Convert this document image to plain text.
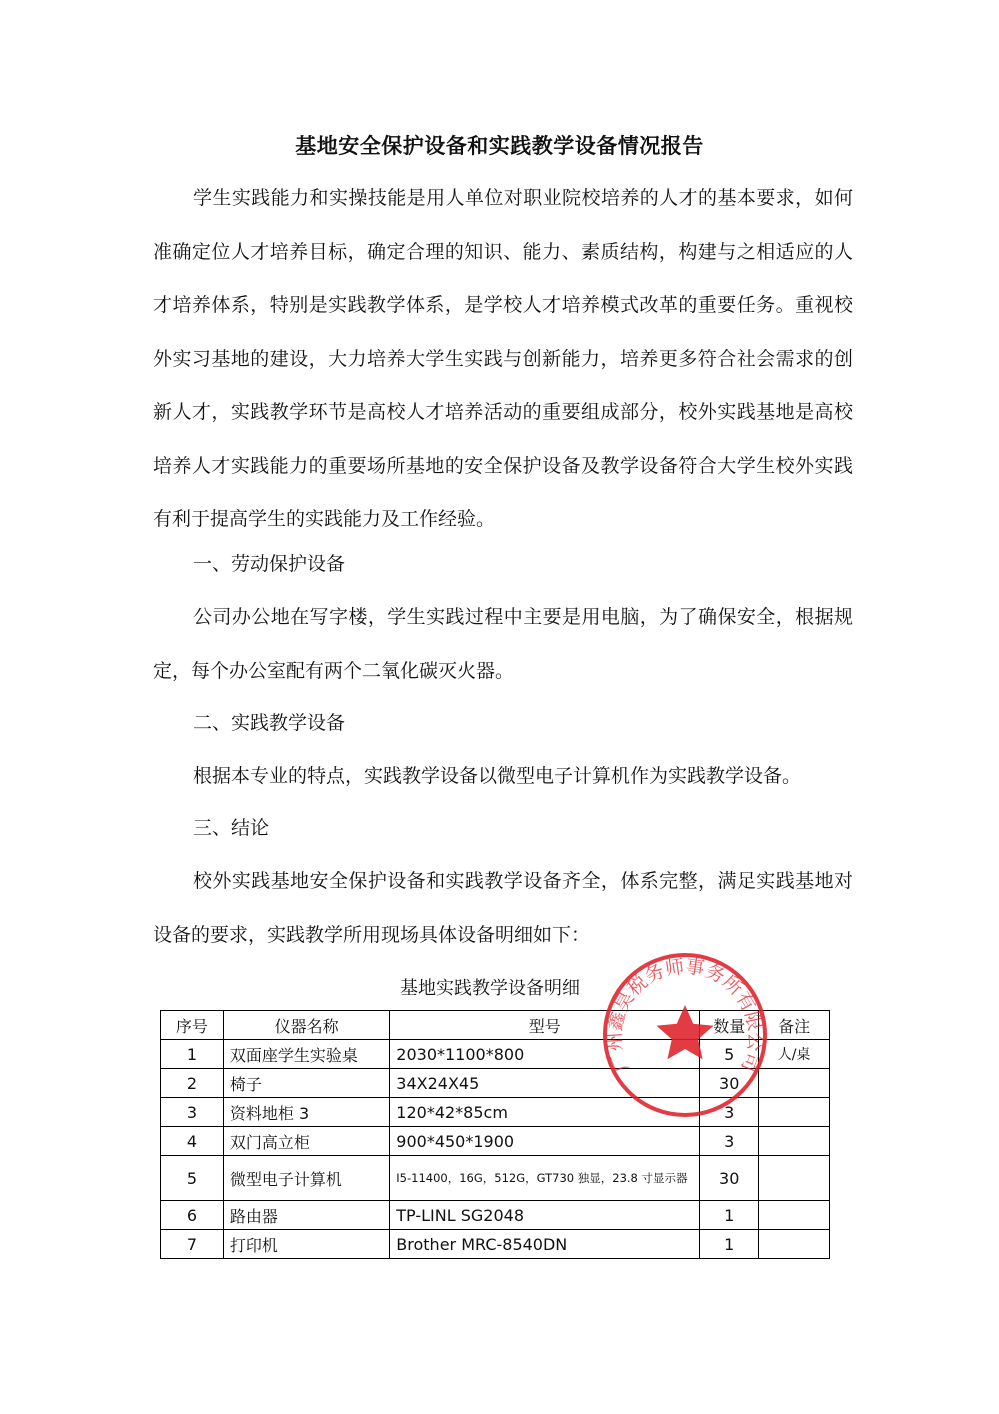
基地安全保护设备和实践教学设备情况报告

学生实践能力和实操技能是用人单位对职业院校培养的人才的基本要求，如何准确定位人才培养目标，确定合理的知识、能力、素质结构，构建与之相适应的人才培养体系，特别是实践教学体系，是学校人才培养模式改革的重要任务。重视校外实习基地的建设，大力培养大学生实践与创新能力，培养更多符合社会需求的创新人才，实践教学环节是高校人才培养活动的重要组成部分，校外实践基地是高校培养人才实践能力的重要场所基地的安全保护设备及教学设备符合大学生校外实践有利于提高学生的实践能力及工作经验。

一、劳动保护设备

公司办公地在写字楼，学生实践过程中主要是用电脑，为了确保安全，根据规定，每个办公室配有两个二氧化碳灭火器。

二、实践教学设备

根据本专业的特点，实践教学设备以微型电子计算机作为实践教学设备。

三、结论

校外实践基地安全保护设备和实践教学设备齐全，体系完整，满足实践基地对设备的要求，实践教学所用现场具体设备明细如下：

基地实践教学设备明细
序号	仪器名称	型号	数量	备注
1	双面座学生实验桌	2030*1100*800	5	人/桌
2	椅子	34X24X45	30	
3	资料地柜 3	120*42*85cm	3	
4	双门高立柜	900*450*1900	3	
5	微型电子计算机	I5-11400，16G，512G，GT730 独显，23.8 寸显示器	30	
6	路由器	TP-LINL SG2048	1	
7	打印机	Brother MRC-8540DN	1	
广州鑫昊税务师事务所有限公司
